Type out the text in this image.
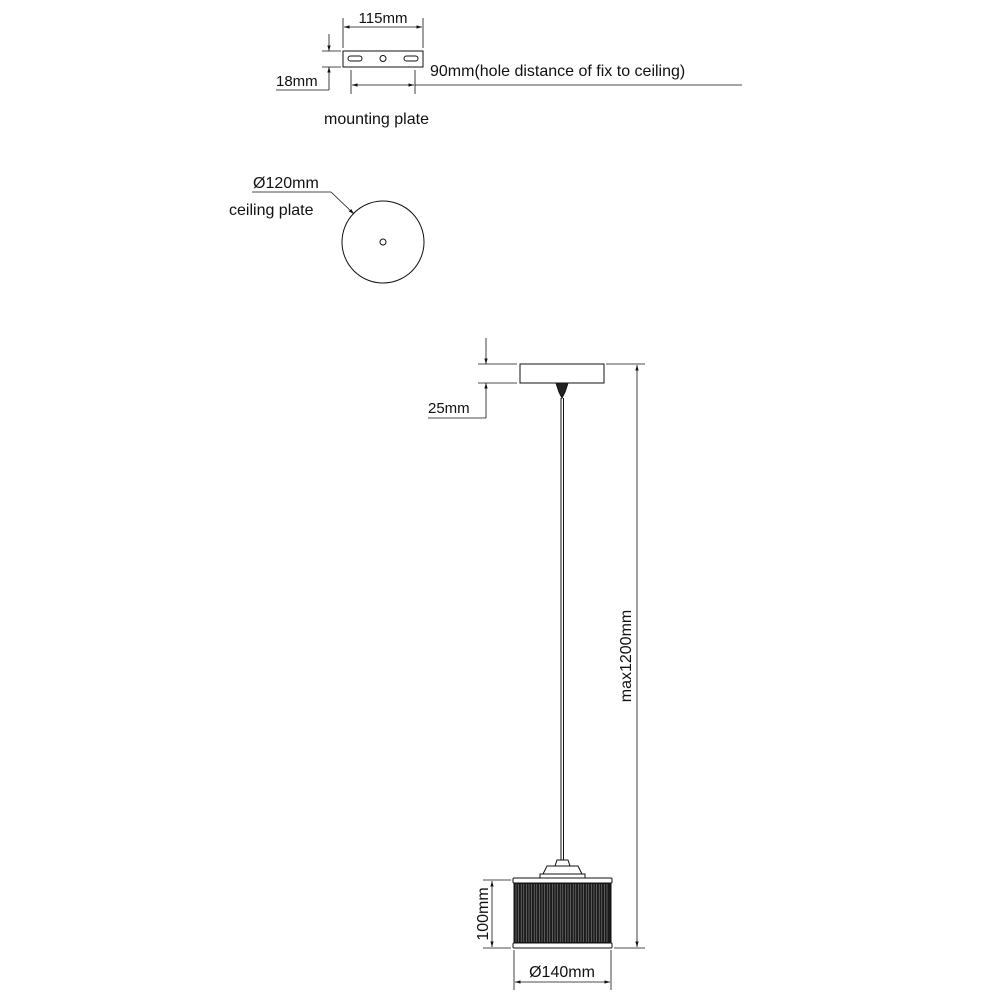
115mm
18mm
90mm(hole distance of fix to ceiling)
mounting plate
Ø120mm
ceiling plate
25mm
max1200mm
100mm
Ø140mm
